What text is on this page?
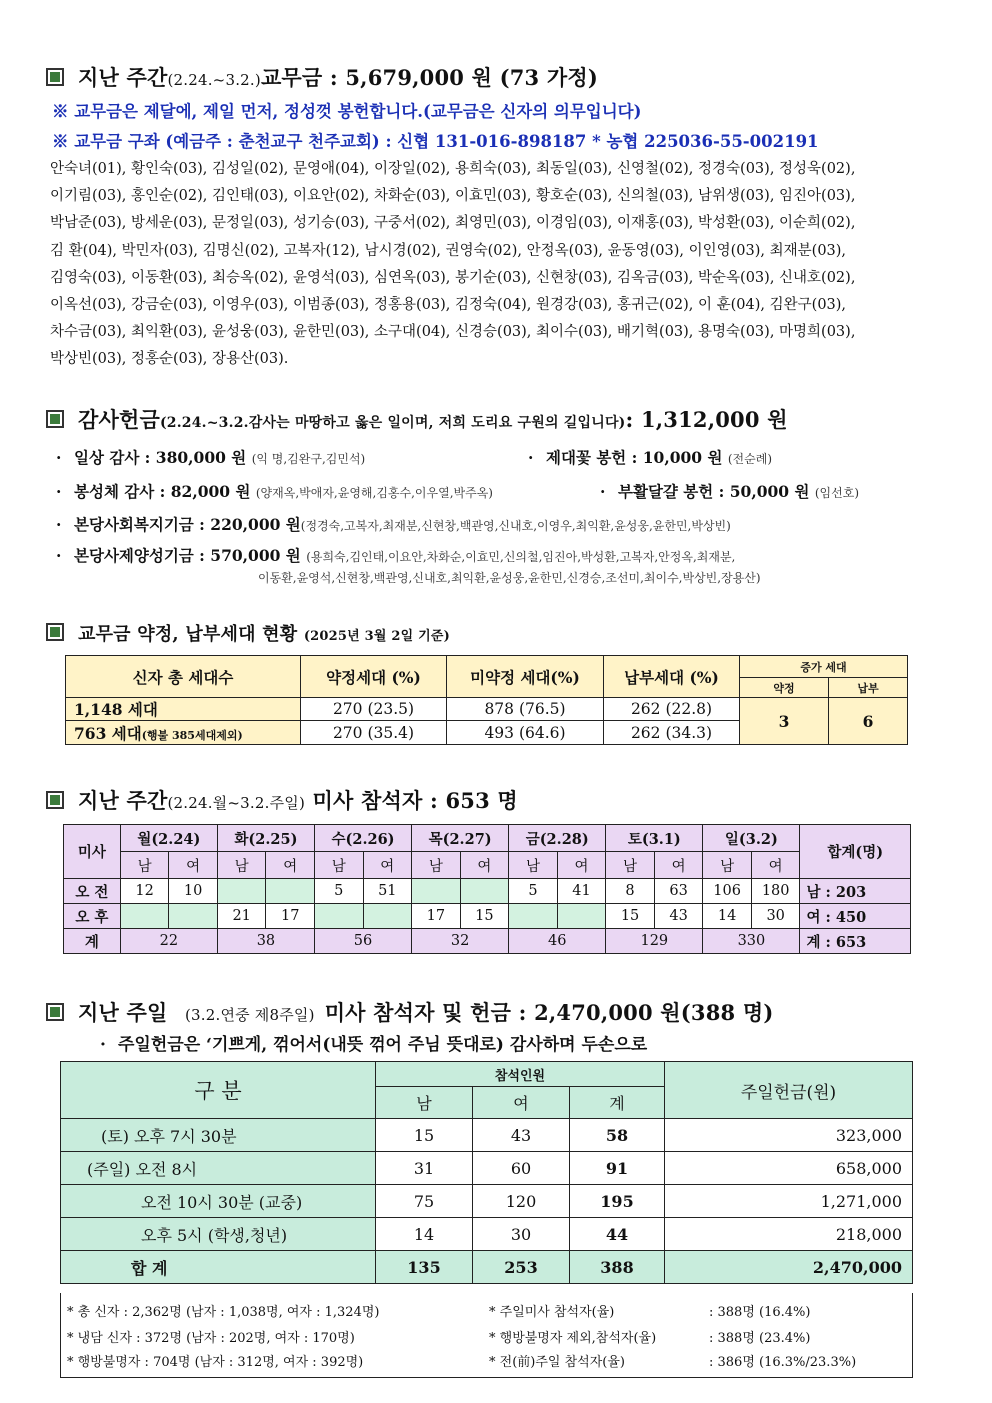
지난 주간(2.24.~3.2.)교무금 : 5,679,000 원 (73 가정)
※ 교무금은 제달에, 제일 먼저, 정성껏 봉헌합니다.(교무금은 신자의 의무입니다)
※ 교무금 구좌 (예금주 : 춘천교구 천주교회) : 신협 131-016-898187 * 농협 225036-55-002191
안숙녀(01), 황인숙(03), 김성일(02), 문영애(04), 이장일(02), 용희숙(03), 최동일(03), 신영철(02), 정경숙(03), 정성욱(02),
이기림(03), 홍인순(02), 김인태(03), 이요안(02), 차화순(03), 이효민(03), 황호순(03), 신의철(03), 남위생(03), 임진아(03),
박남준(03), 방세운(03), 문정일(03), 성기승(03), 구중서(02), 최영민(03), 이경임(03), 이재홍(03), 박성환(03), 이순희(02),
김 환(04), 박민자(03), 김명신(02), 고복자(12), 남시경(02), 권영숙(02), 안정옥(03), 윤동영(03), 이인영(03), 최재분(03),
김영숙(03), 이동환(03), 최승옥(02), 윤영석(03), 심연옥(03), 봉기순(03), 신현창(03), 김옥금(03), 박순옥(03), 신내호(02),
이옥선(03), 강금순(03), 이영우(03), 이범종(03), 정홍용(03), 김정숙(04), 원경강(03), 홍귀근(02), 이 훈(04), 김완구(03),
차수금(03), 최익환(03), 윤성웅(03), 윤한민(03), 소구대(04), 신경승(03), 최이수(03), 배기혁(03), 용명숙(03), 마명희(03),
박상빈(03), 정홍순(03), 장용산(03).
감사헌금(2.24.~3.2.감사는 마땅하고 옳은 일이며, 저희 도리요 구원의 길입니다): 1,312,000 원
· 일상 감사 : 380,000 원 (익 명,김완구,김민석)	· 제대꽃 봉헌 : 10,000 원 (전순례)
· 봉성체 감사 : 82,000 원 (양재옥,박애자,윤영해,김홍수,이우열,박주옥)	· 부활달걀 봉헌 : 50,000 원 (임선호)
· 본당사회복지기금 : 220,000 원(정경숙,고복자,최재분,신현창,백관영,신내호,이영우,최익환,윤성웅,윤한민,박상빈)
· 본당사제양성기금 : 570,000 원 (용희숙,김인태,이요안,차화순,이효민,신의철,임진아,박성환,고복자,안정옥,최재분,
이동환,윤영석,신현창,백관영,신내호,최익환,윤성웅,윤한민,신경승,조선미,최이수,박상빈,장용산)
교무금 약정, 납부세대 현황 (2025년 3월 2일 기준)
신자 총 세대수	약정세대 (%)	미약정 세대(%)	납부세대 (%)	증가 세대	
				약정	납부
1,148 세대	270 (23.5)	878 (76.5)	262 (22.8)	3	6
763 세대(행불 385세대제외)	270 (35.4)	493 (64.6)	262 (34.3)		
지난 주간(2.24.월~3.2.주일) 미사 참석자 : 653 명
미사	월(2.24)		화(2.25)		수(2.26)		목(2.27)		금(2.28)		토(3.1)		일(3.2)		합계(명)
	남	여	남	여	남	여	남	여	남	여	남	여	남	여	
오 전	12	10			5	51			5	41	8	63	106	180	남 : 203
오 후			21	17			17	15			15	43	14	30	여 : 450
계	22		38		56		32		46		129		330		계 : 653
지난 주일 (3.2.연중 제8주일) 미사 참석자 및 헌금 : 2,470,000 원(388 명)
· 주일헌금은 ‘기쁘게, 꺾어서(내뜻 꺾어 주님 뜻대로) 감사하며 두손으로
구 분	참석인원			주일헌금(원)
	남	여	계	
(토) 오후 7시 30분	15	43	58	323,000
(주일) 오전 8시	31	60	91	658,000
오전 10시 30분 (교중)	75	120	195	1,271,000
오후 5시 (학생,청년)	14	30	44	218,000
합 계	135	253	388	2,470,000
* 총 신자 : 2,362명 (남자 : 1,038명, 여자 : 1,324명)	* 주일미사 참석자(율)	: 388명 (16.4%)
* 냉담 신자 : 372명 (남자 : 202명, 여자 : 170명)	* 행방불명자 제외,참석자(율)	: 388명 (23.4%)
* 행방불명자 : 704명 (남자 : 312명, 여자 : 392명)	* 전(前)주일 참석자(율)	: 386명 (16.3%/23.3%)
